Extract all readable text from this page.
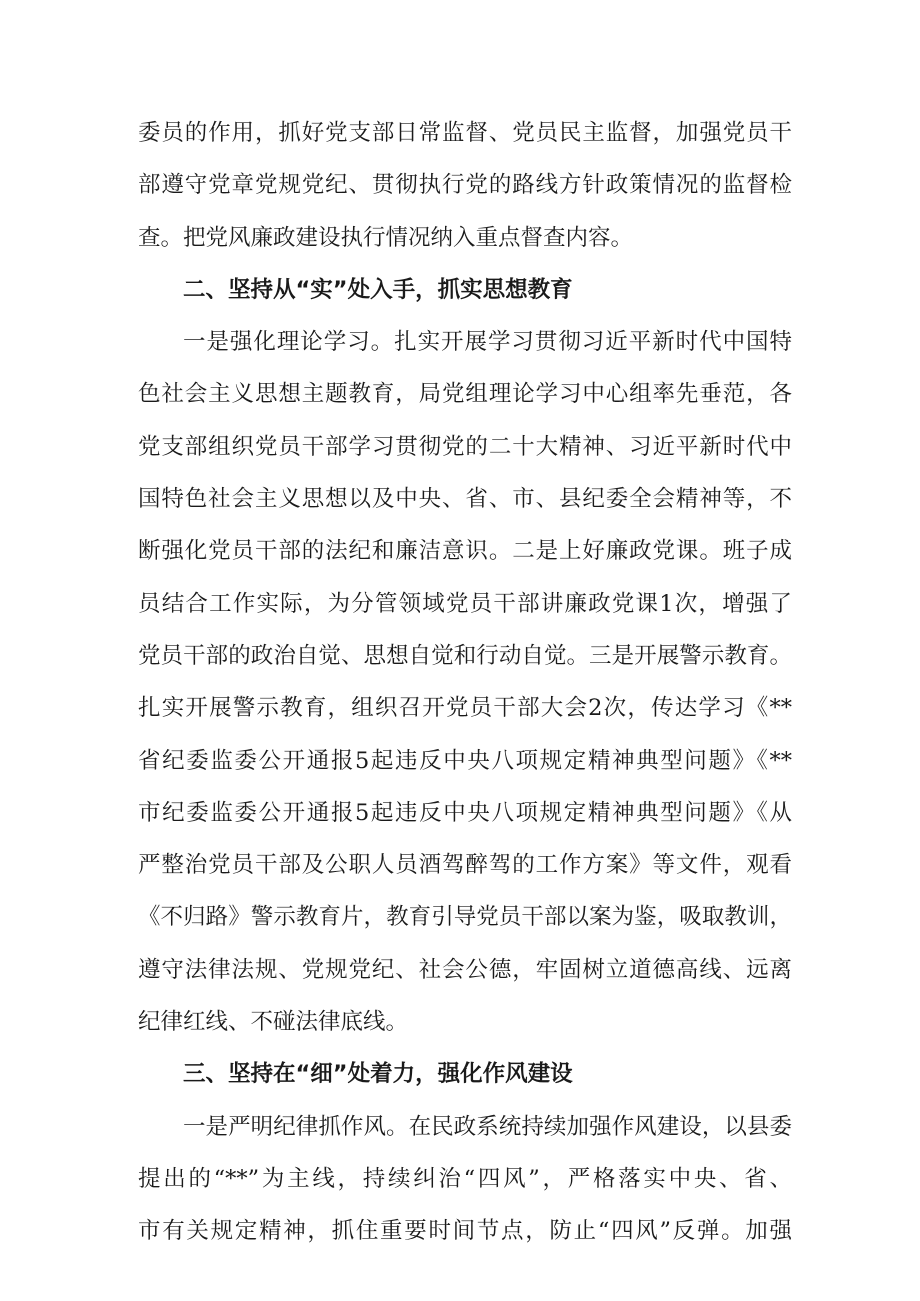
委员的作用，抓好党支部日常监督、党员民主监督，加强党员干
部遵守党章党规党纪、贯彻执行党的路线方针政策情况的监督检
查。把党风廉政建设执行情况纳入重点督查内容。
二、坚持从“实”处入手，抓实思想教育
一是强化理论学习。扎实开展学习贯彻习近平新时代中国特
色社会主义思想主题教育，局党组理论学习中心组率先垂范，各
党支部组织党员干部学习贯彻党的二十大精神、习近平新时代中
国特色社会主义思想以及中央、省、市、县纪委全会精神等，不
断强化党员干部的法纪和廉洁意识。二是上好廉政党课。班子成
员结合工作实际，为分管领域党员干部讲廉政党课1次，增强了
党员干部的政治自觉、思想自觉和行动自觉。三是开展警示教育。
扎实开展警示教育，组织召开党员干部大会2次，传达学习《**
省纪委监委公开通报5起违反中央八项规定精神典型问题》《**
市纪委监委公开通报5起违反中央八项规定精神典型问题》《从
严整治党员干部及公职人员酒驾醉驾的工作方案》等文件，观看
《不归路》警示教育片，教育引导党员干部以案为鉴，吸取教训，
遵守法律法规、党规党纪、社会公德，牢固树立道德高线、远离
纪律红线、不碰法律底线。
三、坚持在“细”处着力，强化作风建设
一是严明纪律抓作风。在民政系统持续加强作风建设，以县委
提出的“**”为主线，持续纠治“四风”，严格落实中央、省、
市有关规定精神，抓住重要时间节点，防止“四风”反弹。加强
